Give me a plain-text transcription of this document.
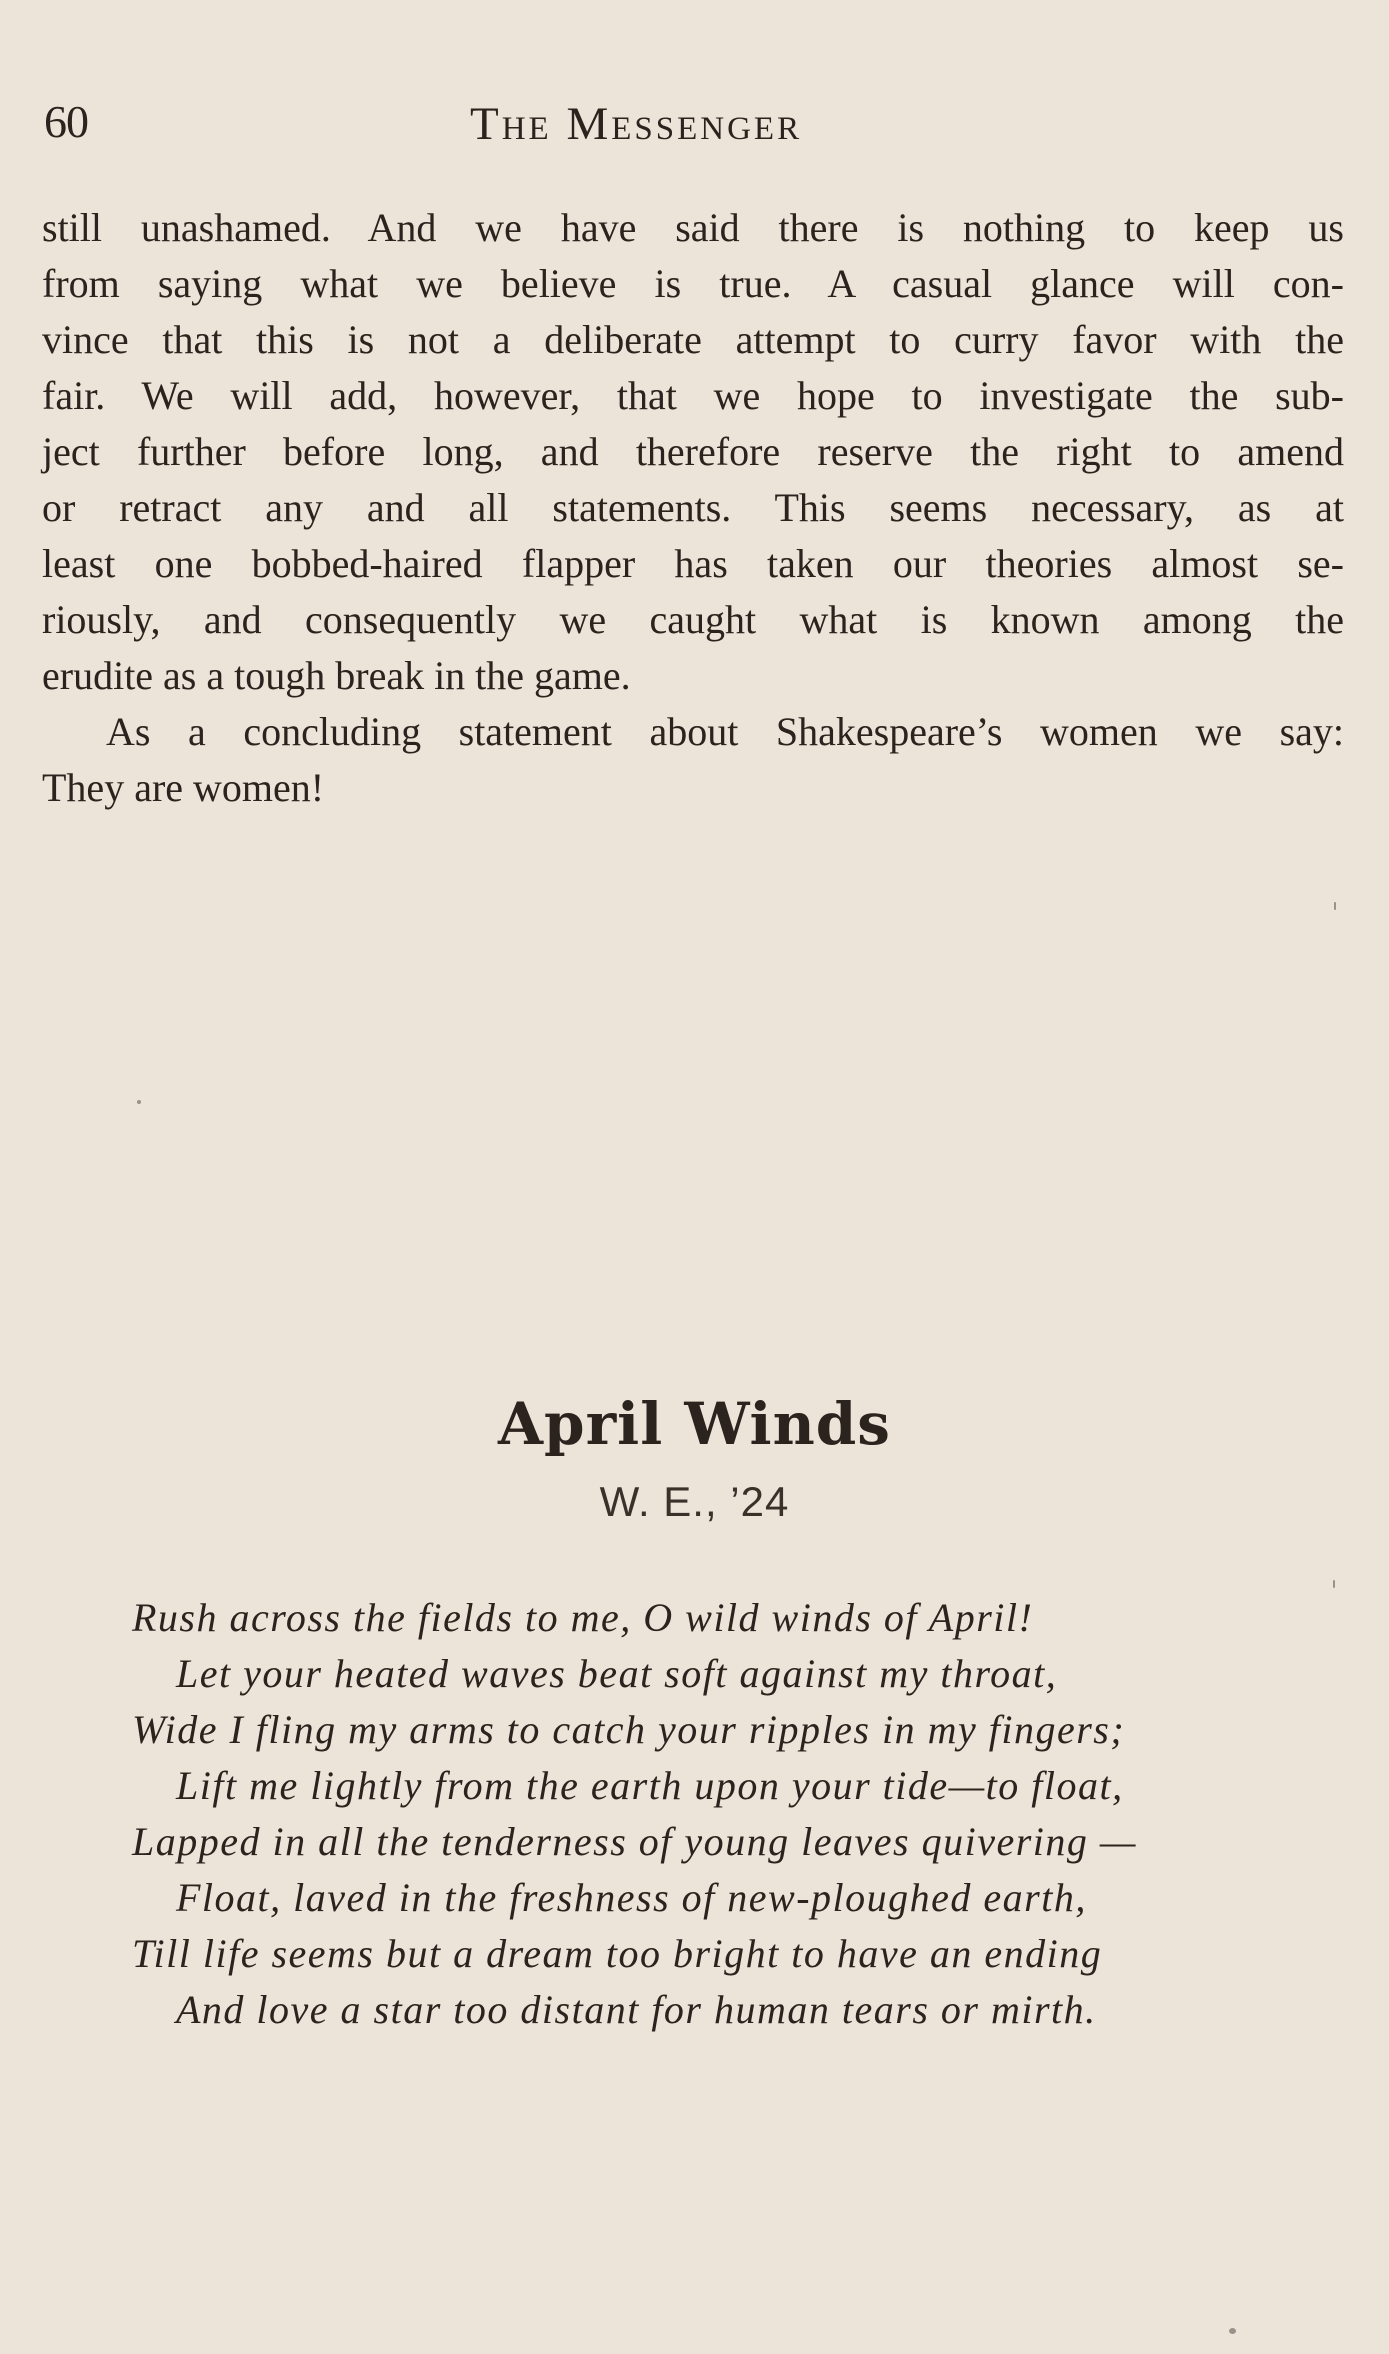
60	The Messenger
still unashamed. And we have said there is nothing to keep us
from saying what we believe is true. A casual glance will con-
vince that this is not a deliberate attempt to curry favor with the
fair. We will add, however, that we hope to investigate the sub-
ject further before long, and therefore reserve the right to amend
or retract any and all statements. This seems necessary, as at
least one bobbed-haired flapper has taken our theories almost se-
riously, and consequently we caught what is known among the
erudite as a tough break in the game.
As a concluding statement about Shakespeare’s women we say:
They are women!
April Winds
W. E., ’24
Rush across the fields to me, O wild winds of April!
Let your heated waves beat soft against my throat,
Wide I fling my arms to catch your ripples in my fingers;
Lift me lightly from the earth upon your tide—to float,
Lapped in all the tenderness of young leaves quivering —
Float, laved in the freshness of new-ploughed earth,
Till life seems but a dream too bright to have an ending
And love a star too distant for human tears or mirth.
